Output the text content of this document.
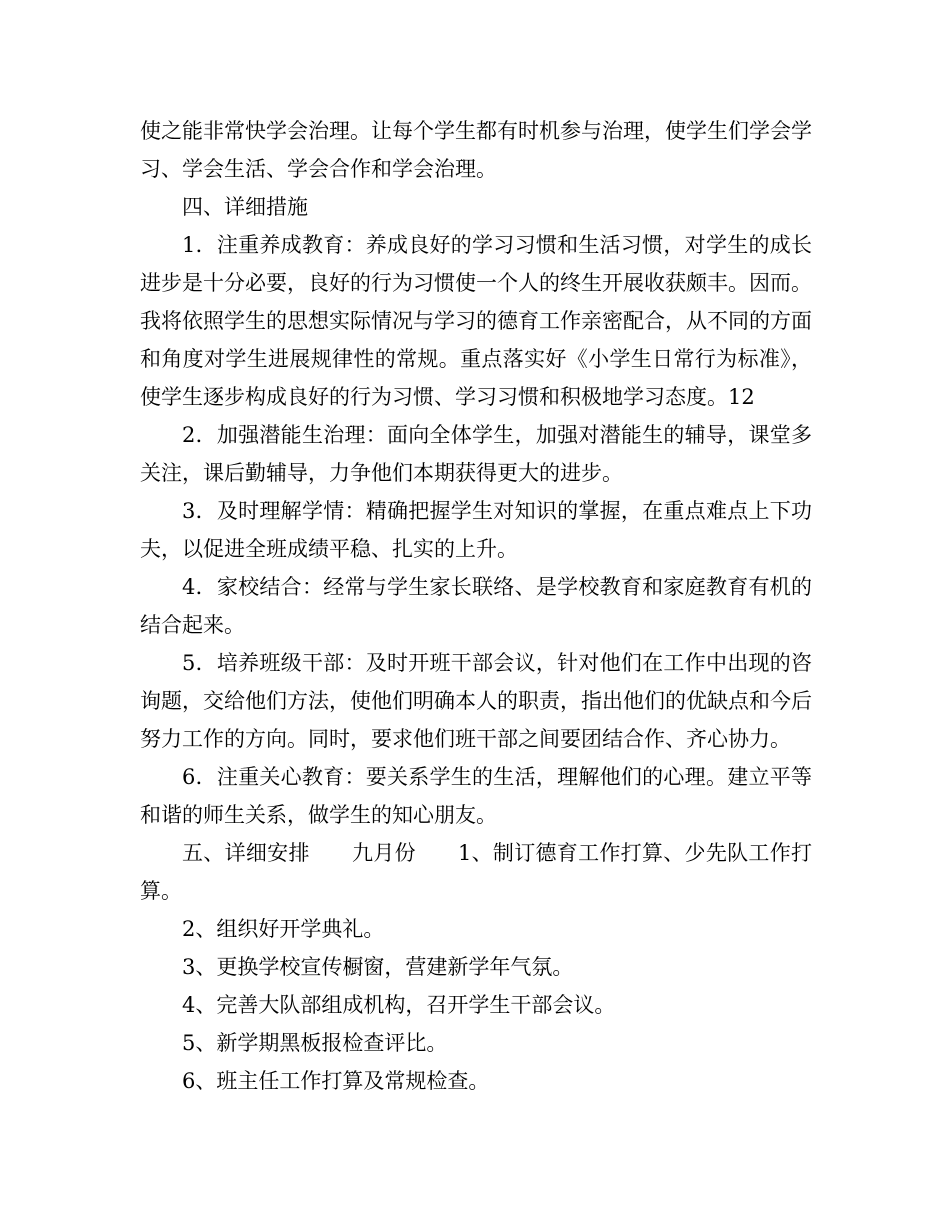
使之能非常快学会治理。让每个学生都有时机参与治理，使学生们学会学习、学会生活、学会合作和学会治理。

四、详细措施

1．注重养成教育：养成良好的学习习惯和生活习惯，对学生的成长进步是十分必要，良好的行为习惯使一个人的终生开展收获颇丰。因而。我将依照学生的思想实际情况与学习的德育工作亲密配合，从不同的方面和角度对学生进展规律性的常规。重点落实好《小学生日常行为标准》，使学生逐步构成良好的行为习惯、学习习惯和积极地学习态度。12

2．加强潜能生治理：面向全体学生，加强对潜能生的辅导，课堂多关注，课后勤辅导，力争他们本期获得更大的进步。

3．及时理解学情：精确把握学生对知识的掌握，在重点难点上下功夫，以促进全班成绩平稳、扎实的上升。

4．家校结合：经常与学生家长联络、是学校教育和家庭教育有机的结合起来。

5．培养班级干部：及时开班干部会议，针对他们在工作中出现的咨询题，交给他们方法，使他们明确本人的职责，指出他们的优缺点和今后努力工作的方向。同时，要求他们班干部之间要团结合作、齐心协力。

6．注重关心教育：要关系学生的生活，理解他们的心理。建立平等和谐的师生关系，做学生的知心朋友。

五、详细安排 九月份 1、制订德育工作打算、少先队工作打算。

2、组织好开学典礼。

3、更换学校宣传橱窗，营建新学年气氛。

4、完善大队部组成机构，召开学生干部会议。

5、新学期黑板报检查评比。

6、班主任工作打算及常规检查。
